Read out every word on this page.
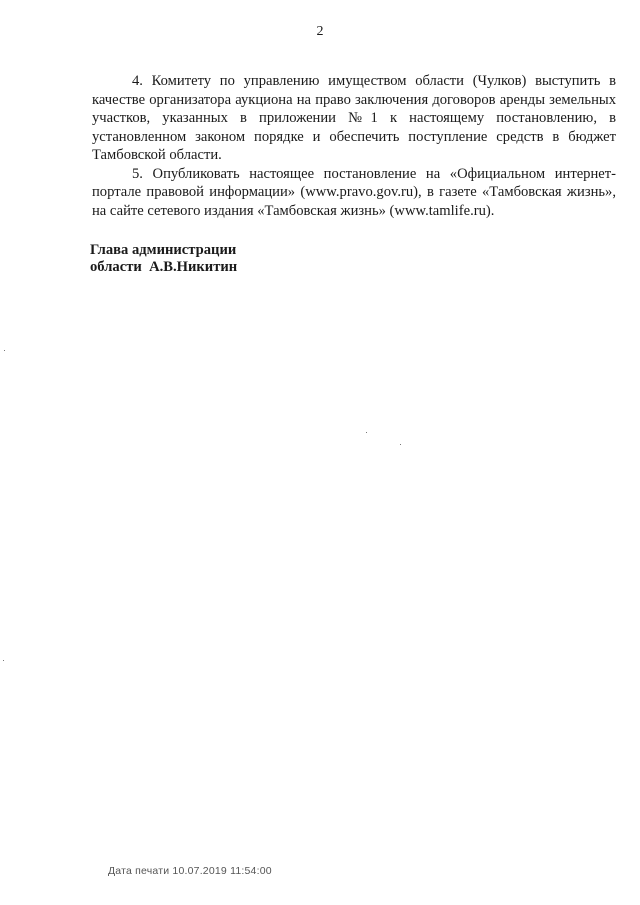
2

4. Комитету по управлению имуществом области (Чулков) выступить в качестве организатора аукциона на право заключения договоров аренды земельных участков, указанных в приложении №1 к настоящему постановлению, в установленном законом порядке и обеспечить поступление средств в бюджет Тамбовской области.

5. Опубликовать настоящее постановление на «Официальном интернет-портале правовой информации» (www.pravo.gov.ru), в газете «Тамбовская жизнь», на сайте сетевого издания «Тамбовская жизнь» (www.tamlife.ru).

Глава администрации
области  А.В.Никитин
Дата печати 10.07.2019 11:54:00
